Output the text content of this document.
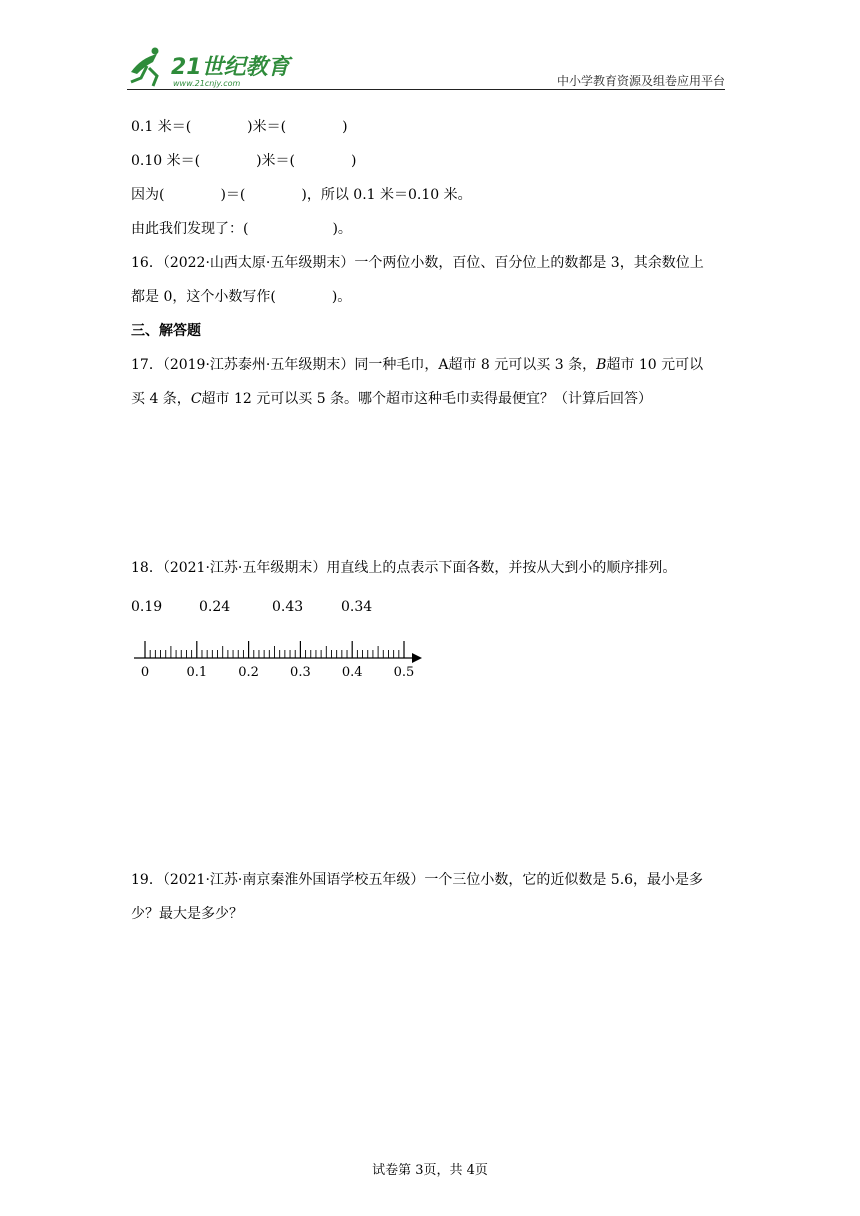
21世纪教育
www.21cnjy.com	中小学教育资源及组卷应用平台
0.1 米＝(　　　　)米＝(　　　　)
0.10 米＝(　　　　)米＝(　　　　)
因为(　　　　)＝(　　　　)，所以 0.1 米＝0.10 米。
由此我们发现了：(　　　　　　)。
16．（2022·山西太原·五年级期末）一个两位小数，百位、百分位上的数都是 3，其余数位上
都是 0，这个小数写作(　　　　)。
三、解答题
17．（2019·江苏泰州·五年级期末）同一种毛巾，A超市 8 元可以买 3 条，B超市 10 元可以
买 4 条，C超市 12 元可以买 5 条。哪个超市这种毛巾卖得最便宜？（计算后回答）
18．（2021·江苏·五年级期末）用直线上的点表示下面各数，并按从大到小的顺序排列。
0.19	0.24	0.43	0.34
0	0.1 0.2 0.3 0.4 0.5
19．（2021·江苏·南京秦淮外国语学校五年级）一个三位小数，它的近似数是 5.6，最小是多
少？最大是多少？
试卷第 3页，共 4页
